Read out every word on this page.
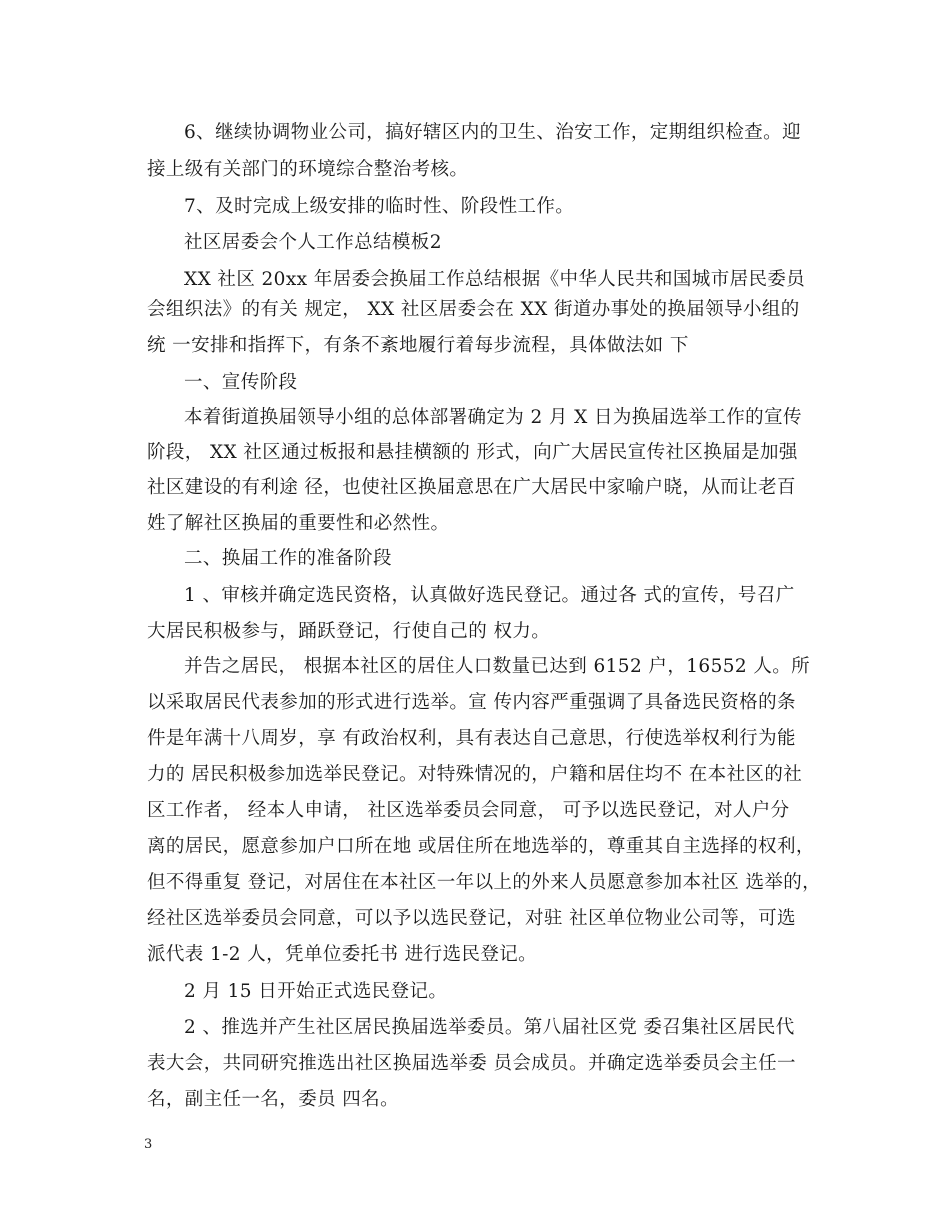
6、继续协调物业公司，搞好辖区内的卫生、治安工作，定期组织检查。迎
接上级有关部门的环境综合整治考核。
7、及时完成上级安排的临时性、阶段性工作。
社区居委会个人工作总结模板2
XX 社区 20xx 年居委会换届工作总结根据《中华人民共和国城市居民委员
会组织法》的有关 规定， XX 社区居委会在 XX 街道办事处的换届领导小组的
统 一安排和指挥下，有条不紊地履行着每步流程，具体做法如 下
一、宣传阶段
本着街道换届领导小组的总体部署确定为 2 月 X 日为换届选举工作的宣传
阶段， XX 社区通过板报和悬挂横额的 形式，向广大居民宣传社区换届是加强
社区建设的有利途 径，也使社区换届意思在广大居民中家喻户晓，从而让老百
姓了解社区换届的重要性和必然性。
二、换届工作的准备阶段
1 、审核并确定选民资格，认真做好选民登记。通过各 式的宣传，号召广
大居民积极参与，踊跃登记，行使自己的 权力。
并告之居民， 根据本社区的居住人口数量已达到 6152 户，16552 人。所
以采取居民代表参加的形式进行选举。宣 传内容严重强调了具备选民资格的条
件是年满十八周岁，享 有政治权利，具有表达自己意思，行使选举权利行为能
力的 居民积极参加选举民登记。对特殊情况的，户籍和居住均不 在本社区的社
区工作者， 经本人申请， 社区选举委员会同意， 可予以选民登记，对人户分
离的居民，愿意参加户口所在地 或居住所在地选举的，尊重其自主选择的权利，
但不得重复 登记，对居住在本社区一年以上的外来人员愿意参加本社区 选举的，
经社区选举委员会同意，可以予以选民登记，对驻 社区单位物业公司等，可选
派代表 1-2 人，凭单位委托书 进行选民登记。
2 月 15 日开始正式选民登记。
2 、推选并产生社区居民换届选举委员。第八届社区党 委召集社区居民代
表大会，共同研究推选出社区换届选举委 员会成员。并确定选举委员会主任一
名，副主任一名，委员 四名。
3
